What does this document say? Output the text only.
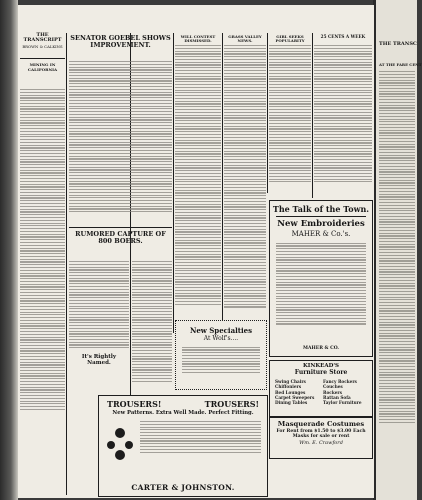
THE TRANSCRIPT
BROWN & CALKINS
MINING IN CALIFORNIA
SENATOR GOEBEL SHOWS IMPROVEMENT.
RUMORED CAPTURE OF 800 BOERS.
It's Rightly Named.
WILL CONTEST DISMISSED.
GRASS VALLEY NEWS.
GIRL SEEKS POPULARITY
25 CENTS A WEEK
The Talk of the Town.
New Embroideries
MAHER & Co.'s.
MAHER & CO.
New Specialties
At Wolf's....
KINKEAD'S
Furniture Store
Swing Chairs	Fancy Rockers
Chiffoniers	Couches
Bed Lounges	Rockers
Carpet Sweepers	Rattan Sofa
Dining Tables	Taylor Furniture
Masquerade Costumes
For Rent from $1.50 to $3.00 Each
Masks for sale or rent
Wm. E. Crawford
TROUSERS!	TROUSERS!
New Patterns. Extra Well Made. Perfect Fitting.
CARTER & JOHNSTON.
THE TRANSC
AT THE FARE CENT
